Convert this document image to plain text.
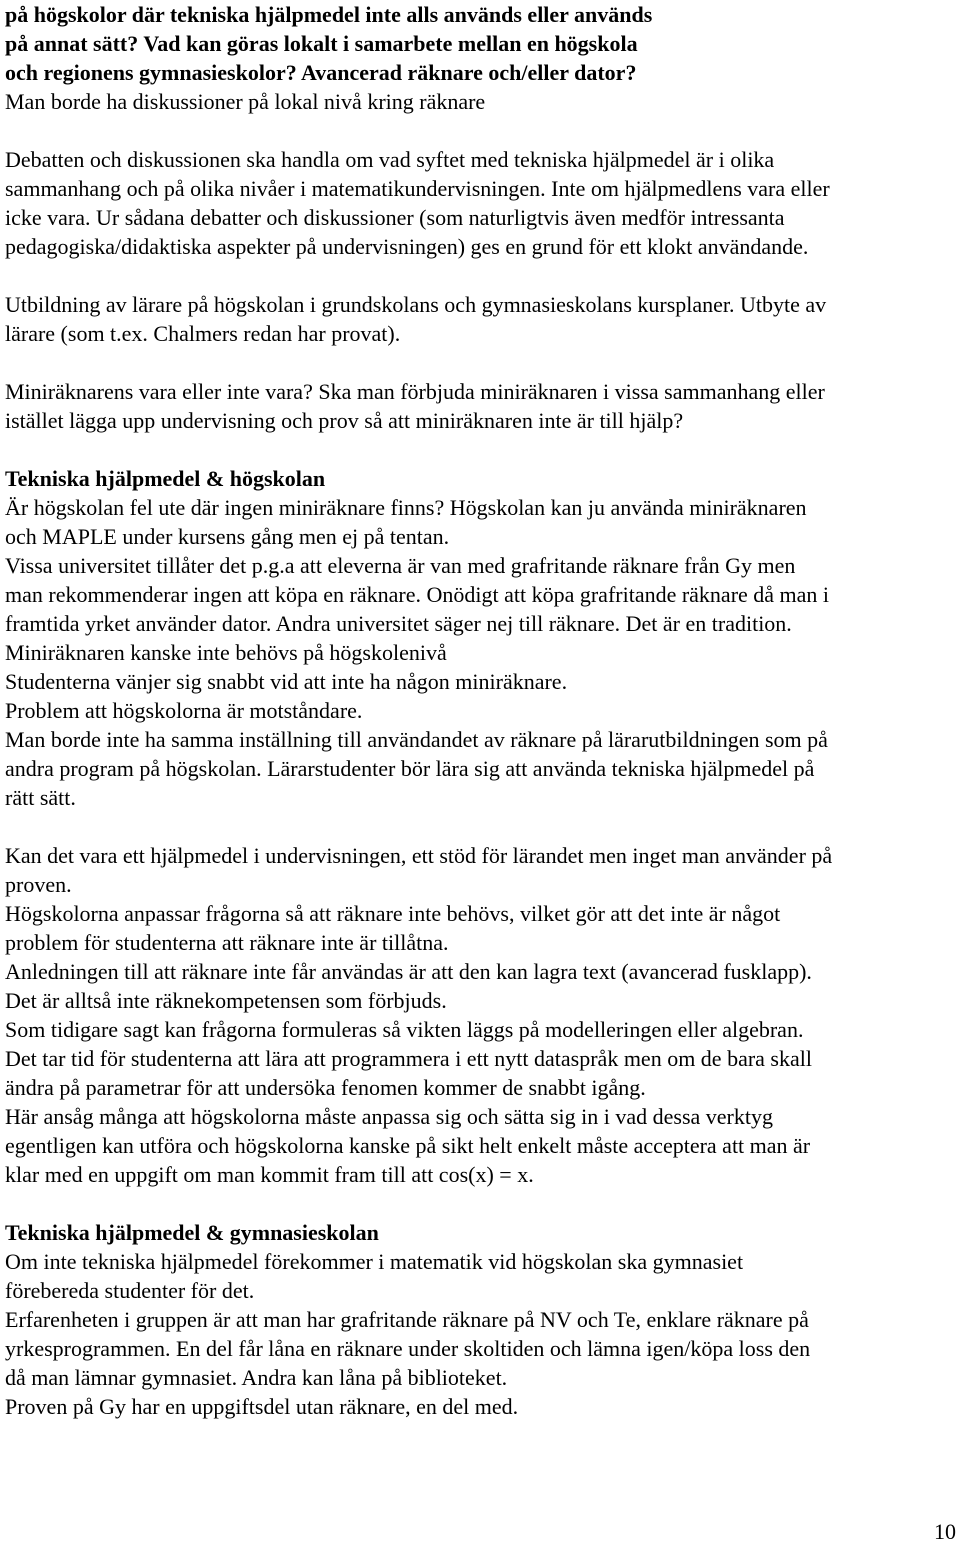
på högskolor där tekniska hjälpmedel inte alls används eller används
på annat sätt? Vad kan göras lokalt i samarbete mellan en högskola
och regionens gymnasieskolor? Avancerad räknare och/eller dator?
Man borde ha diskussioner på lokal nivå kring räknare
Debatten och diskussionen ska handla om vad syftet med tekniska hjälpmedel är i olika
sammanhang och på olika nivåer i matematikundervisningen. Inte om hjälpmedlens vara eller
icke vara. Ur sådana debatter och diskussioner (som naturligtvis även medför intressanta
pedagogiska/didaktiska aspekter på undervisningen) ges en grund för ett klokt användande.
Utbildning av lärare på högskolan i grundskolans och gymnasieskolans kursplaner. Utbyte av
lärare (som t.ex. Chalmers redan har provat).
Miniräknarens vara eller inte vara? Ska man förbjuda miniräknaren i vissa sammanhang eller
istället lägga upp undervisning och prov så att miniräknaren inte är till hjälp?
Tekniska hjälpmedel & högskolan
Är högskolan fel ute där ingen miniräknare finns? Högskolan kan ju använda miniräknaren
och MAPLE under kursens gång men ej på tentan.
Vissa universitet tillåter det p.g.a att eleverna är van med grafritande räknare från Gy men
man rekommenderar ingen att köpa en räknare. Onödigt att köpa grafritande räknare då man i
framtida yrket använder dator. Andra universitet säger nej till räknare. Det är en tradition.
Miniräknaren kanske inte behövs på högskolenivå
Studenterna vänjer sig snabbt vid att inte ha någon miniräknare.
Problem att högskolorna är motståndare.
Man borde inte ha samma inställning till användandet av räknare på lärarutbildningen som på
andra program på högskolan. Lärarstudenter bör lära sig att använda tekniska hjälpmedel på
rätt sätt.
Kan det vara ett hjälpmedel i undervisningen, ett stöd för lärandet men inget man använder på
proven.
Högskolorna anpassar frågorna så att räknare inte behövs, vilket gör att det inte är något
problem för studenterna att räknare inte är tillåtna.
Anledningen till att räknare inte får användas är att den kan lagra text (avancerad fusklapp).
Det är alltså inte räknekompetensen som förbjuds.
Som tidigare sagt kan frågorna formuleras så vikten läggs på modelleringen eller algebran.
Det tar tid för studenterna att lära att programmera i ett nytt dataspråk men om de bara skall
ändra på parametrar för att undersöka fenomen kommer de snabbt igång.
Här ansåg många att högskolorna måste anpassa sig och sätta sig in i vad dessa verktyg
egentligen kan utföra och högskolorna kanske på sikt helt enkelt måste acceptera att man är
klar med en uppgift om man kommit fram till att cos(x) = x.
Tekniska hjälpmedel & gymnasieskolan
Om inte tekniska hjälpmedel förekommer i matematik vid högskolan ska gymnasiet
förebereda studenter för det.
Erfarenheten i gruppen är att man har grafritande räknare på NV och Te, enklare räknare på
yrkesprogrammen. En del får låna en räknare under skoltiden och lämna igen/köpa loss den
då man lämnar gymnasiet. Andra kan låna på biblioteket.
Proven på Gy har en uppgiftsdel utan räknare, en del med.
10
